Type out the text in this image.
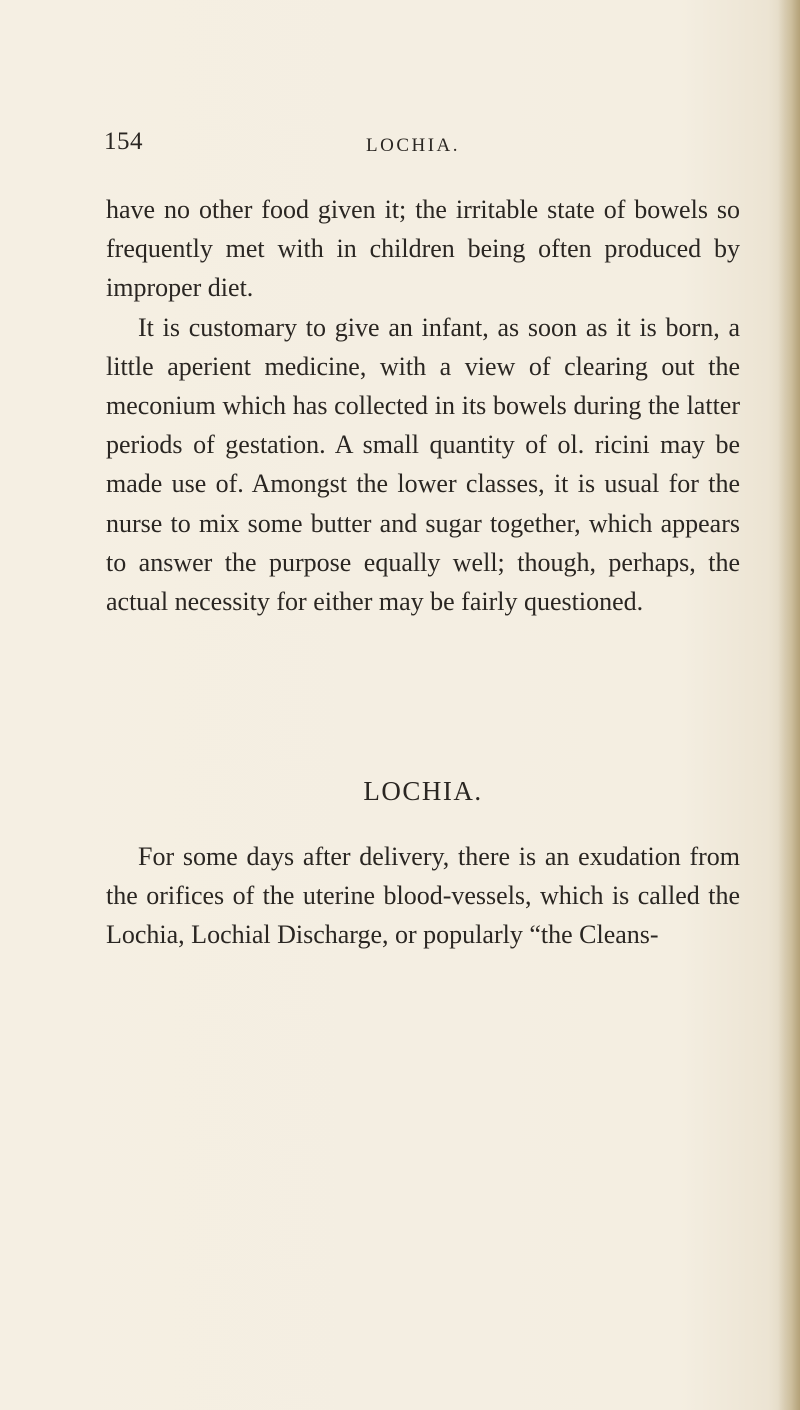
154	LOCHIA.

have no other food given it; the irritable state of bowels so frequently met with in children being often produced by improper diet.

It is customary to give an infant, as soon as it is born, a little aperient medicine, with a view of clearing out the meconium which has collected in its bowels during the latter periods of gestation. A small quantity of ol. ricini may be made use of. Amongst the lower classes, it is usual for the nurse to mix some butter and sugar together, which appears to answer the purpose equally well; though, perhaps, the actual necessity for either may be fairly questioned.

LOCHIA.

For some days after delivery, there is an exudation from the orifices of the uterine blood-vessels, which is called the Lochia, Lochial Discharge, or popularly “the Cleans-
